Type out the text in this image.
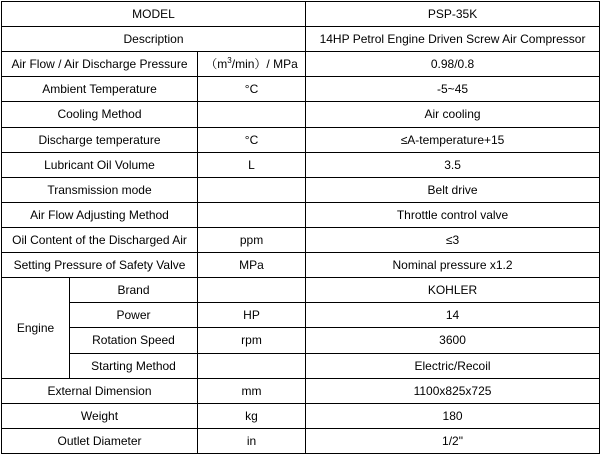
MODEL			PSP-35K
Description			14HP Petrol Engine Driven Screw Air Compressor
Air Flow / Air Discharge Pressure		$(m^3/\min)/$ MPa	0.98/0.8
Ambient Temperature		°C	-5~45
Cooling Method			Air cooling
Discharge temperature		°C	≤A-temperature+15
Lubricant Oil Volume		L	3.5
Transmission mode			Belt drive
Air Flow Adjusting Method			Throttle control valve
Oil Content of the Discharged Air		ppm	≤3
Setting Pressure of Safety Valve		MPa	Nominal pressure x1.2
Engine	Brand		KOHLER
	Power	HP	14
	Rotation Speed	rpm	3600
	Starting Method		Electric/Recoil
External Dimension		mm	1100x825x725
Weight		kg	180
Outlet Diameter		in	1/2"
